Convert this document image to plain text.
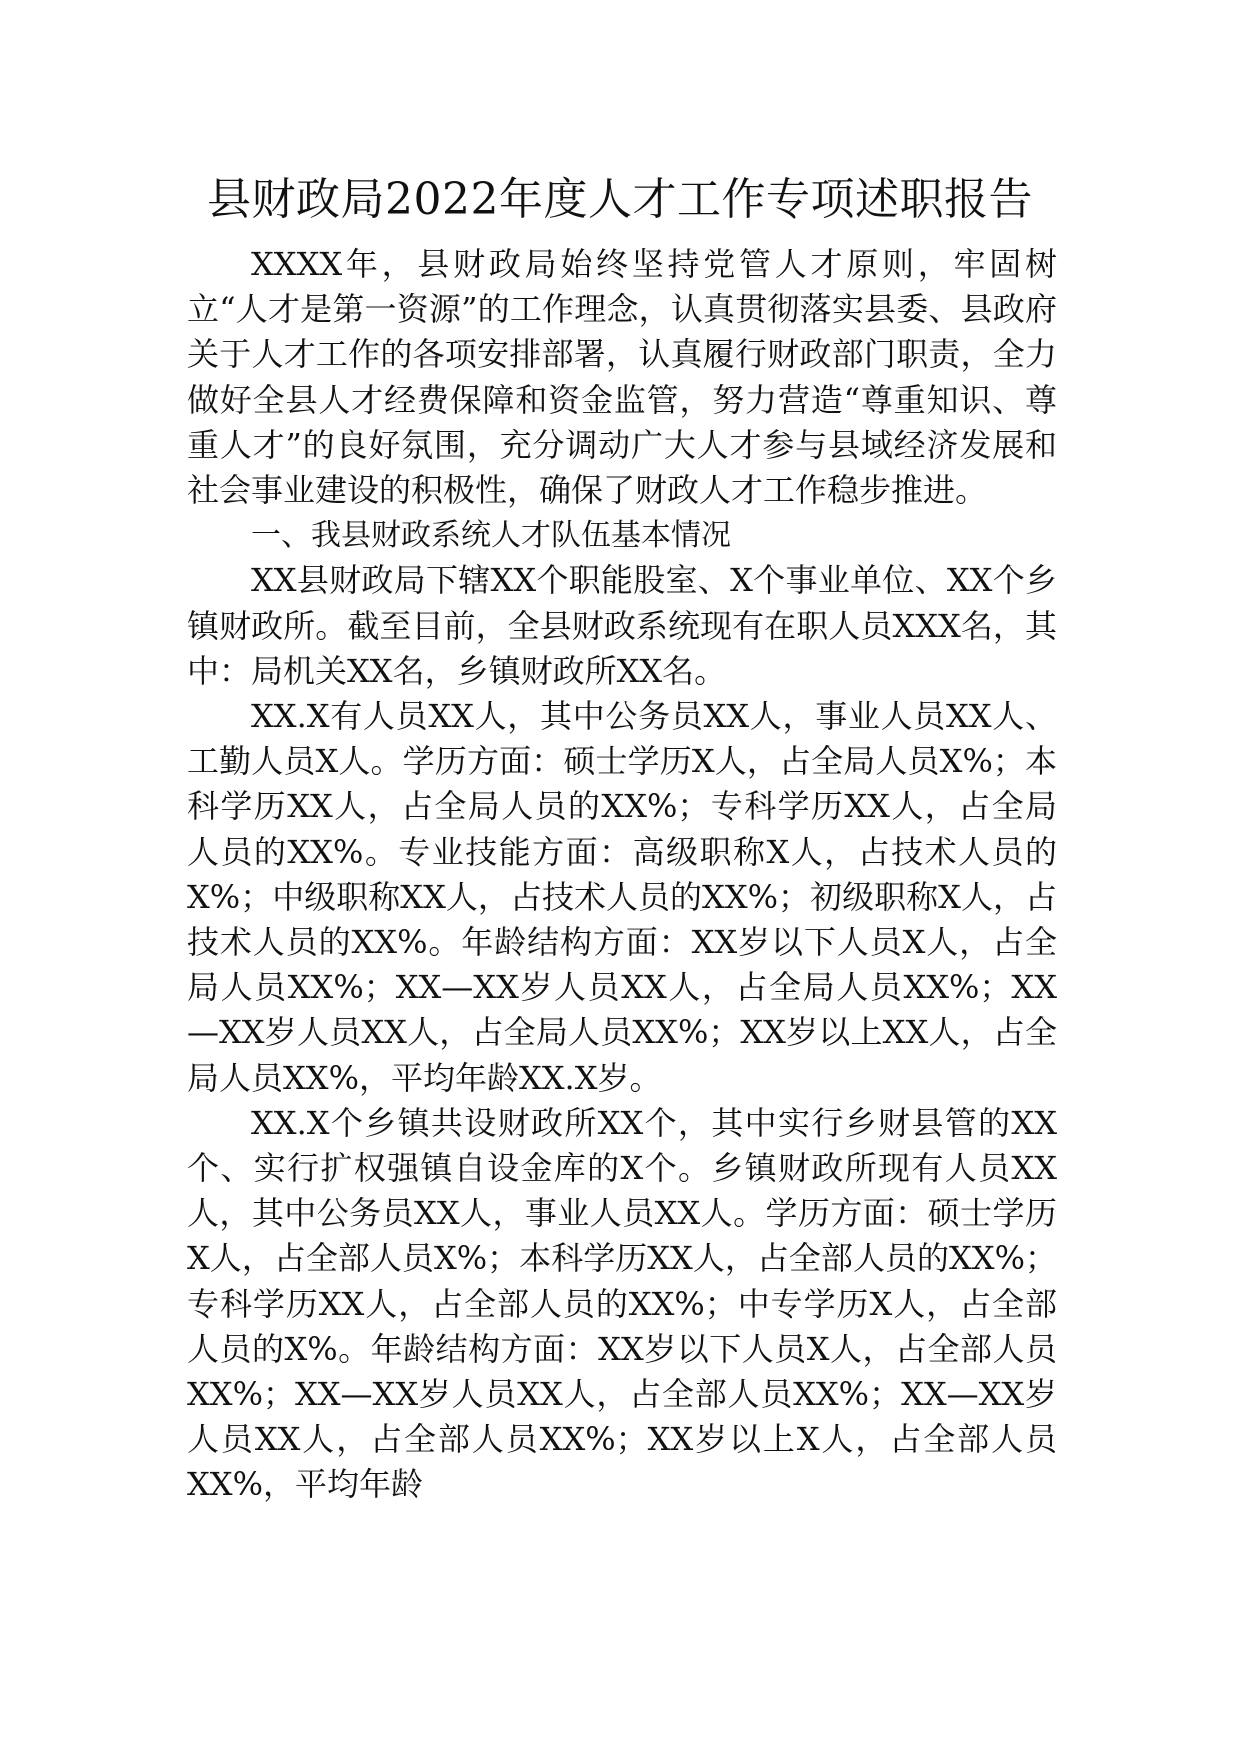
县财政局2022年度人才工作专项述职报告

XXXX年，县财政局始终坚持党管人才原则，牢固树立“人才是第一资源”的工作理念，认真贯彻落实县委、县政府关于人才工作的各项安排部署，认真履行财政部门职责，全力做好全县人才经费保障和资金监管，努力营造“尊重知识、尊重人才”的良好氛围，充分调动广大人才参与县域经济发展和社会事业建设的积极性，确保了财政人才工作稳步推进。

一、我县财政系统人才队伍基本情况

XX县财政局下辖XX个职能股室、X个事业单位、XX个乡镇财政所。截至目前，全县财政系统现有在职人员XXX名，其中：局机关XX名，乡镇财政所XX名。

XX.X有人员XX人，其中公务员XX人，事业人员XX人、工勤人员X人。学历方面：硕士学历X人，占全局人员X%；本科学历XX人，占全局人员的XX%；专科学历XX人，占全局人员的XX%。专业技能方面：高级职称X人，占技术人员的X%；中级职称XX人，占技术人员的XX%；初级职称X人，占技术人员的XX%。年龄结构方面：XX岁以下人员X人，占全局人员XX%；XX—XX岁人员XX人，占全局人员XX%；XX—XX岁人员XX人，占全局人员XX%；XX岁以上XX人，占全局人员XX%，平均年龄XX.X岁。

XX.X个乡镇共设财政所XX个，其中实行乡财县管的XX个、实行扩权强镇自设金库的X个。乡镇财政所现有人员XX人，其中公务员XX人，事业人员XX人。学历方面：硕士学历X人，占全部人员X%；本科学历XX人，占全部人员的XX%；专科学历XX人，占全部人员的XX%；中专学历X人，占全部人员的X%。年龄结构方面：XX岁以下人员X人，占全部人员XX%；XX—XX岁人员XX人，占全部人员XX%；XX—XX岁人员XX人，占全部人员XX%；XX岁以上X人，占全部人员XX%，平均年龄
